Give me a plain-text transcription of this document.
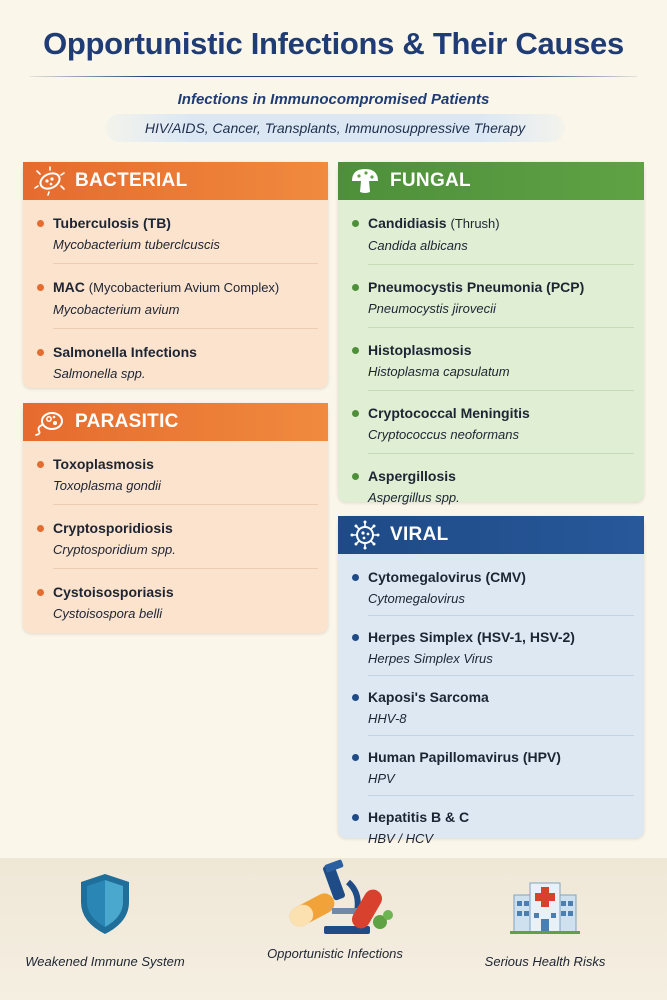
Opportunistic Infections & Their Causes
Infections in Immunocompromised Patients
HIV/AIDS, Cancer, Transplants, Immunosuppressive Therapy
BACTERIAL
Tuberculosis (TB)
Mycobacterium tuberclcuscis
MAC (Mycobacterium Avium Complex)
Mycobacterium avium
Salmonella Infections
Salmonella spp.
PARASITIC
Toxoplasmosis
Toxoplasma gondii
Cryptosporidiosis
Cryptosporidium spp.
Cystoisosporiasis
Cystoisospora belli
FUNGAL
Candidiasis (Thrush)
Candida albicans
Pneumocystis Pneumonia (PCP)
Pneumocystis jirovecii
Histoplasmosis
Histoplasma capsulatum
Cryptococcal Meningitis
Cryptococcus neoformans
Aspergillosis
Aspergillus spp.
VIRAL
Cytomegalovirus (CMV)
Cytomegalovirus
Herpes Simplex (HSV-1, HSV-2)
Herpes Simplex Virus
Kaposi's Sarcoma
HHV-8
Human Papillomavirus (HPV)
HPV
Hepatitis B & C
HBV / HCV
Weakened Immune System
Opportunistic Infections
Serious Health Risks
